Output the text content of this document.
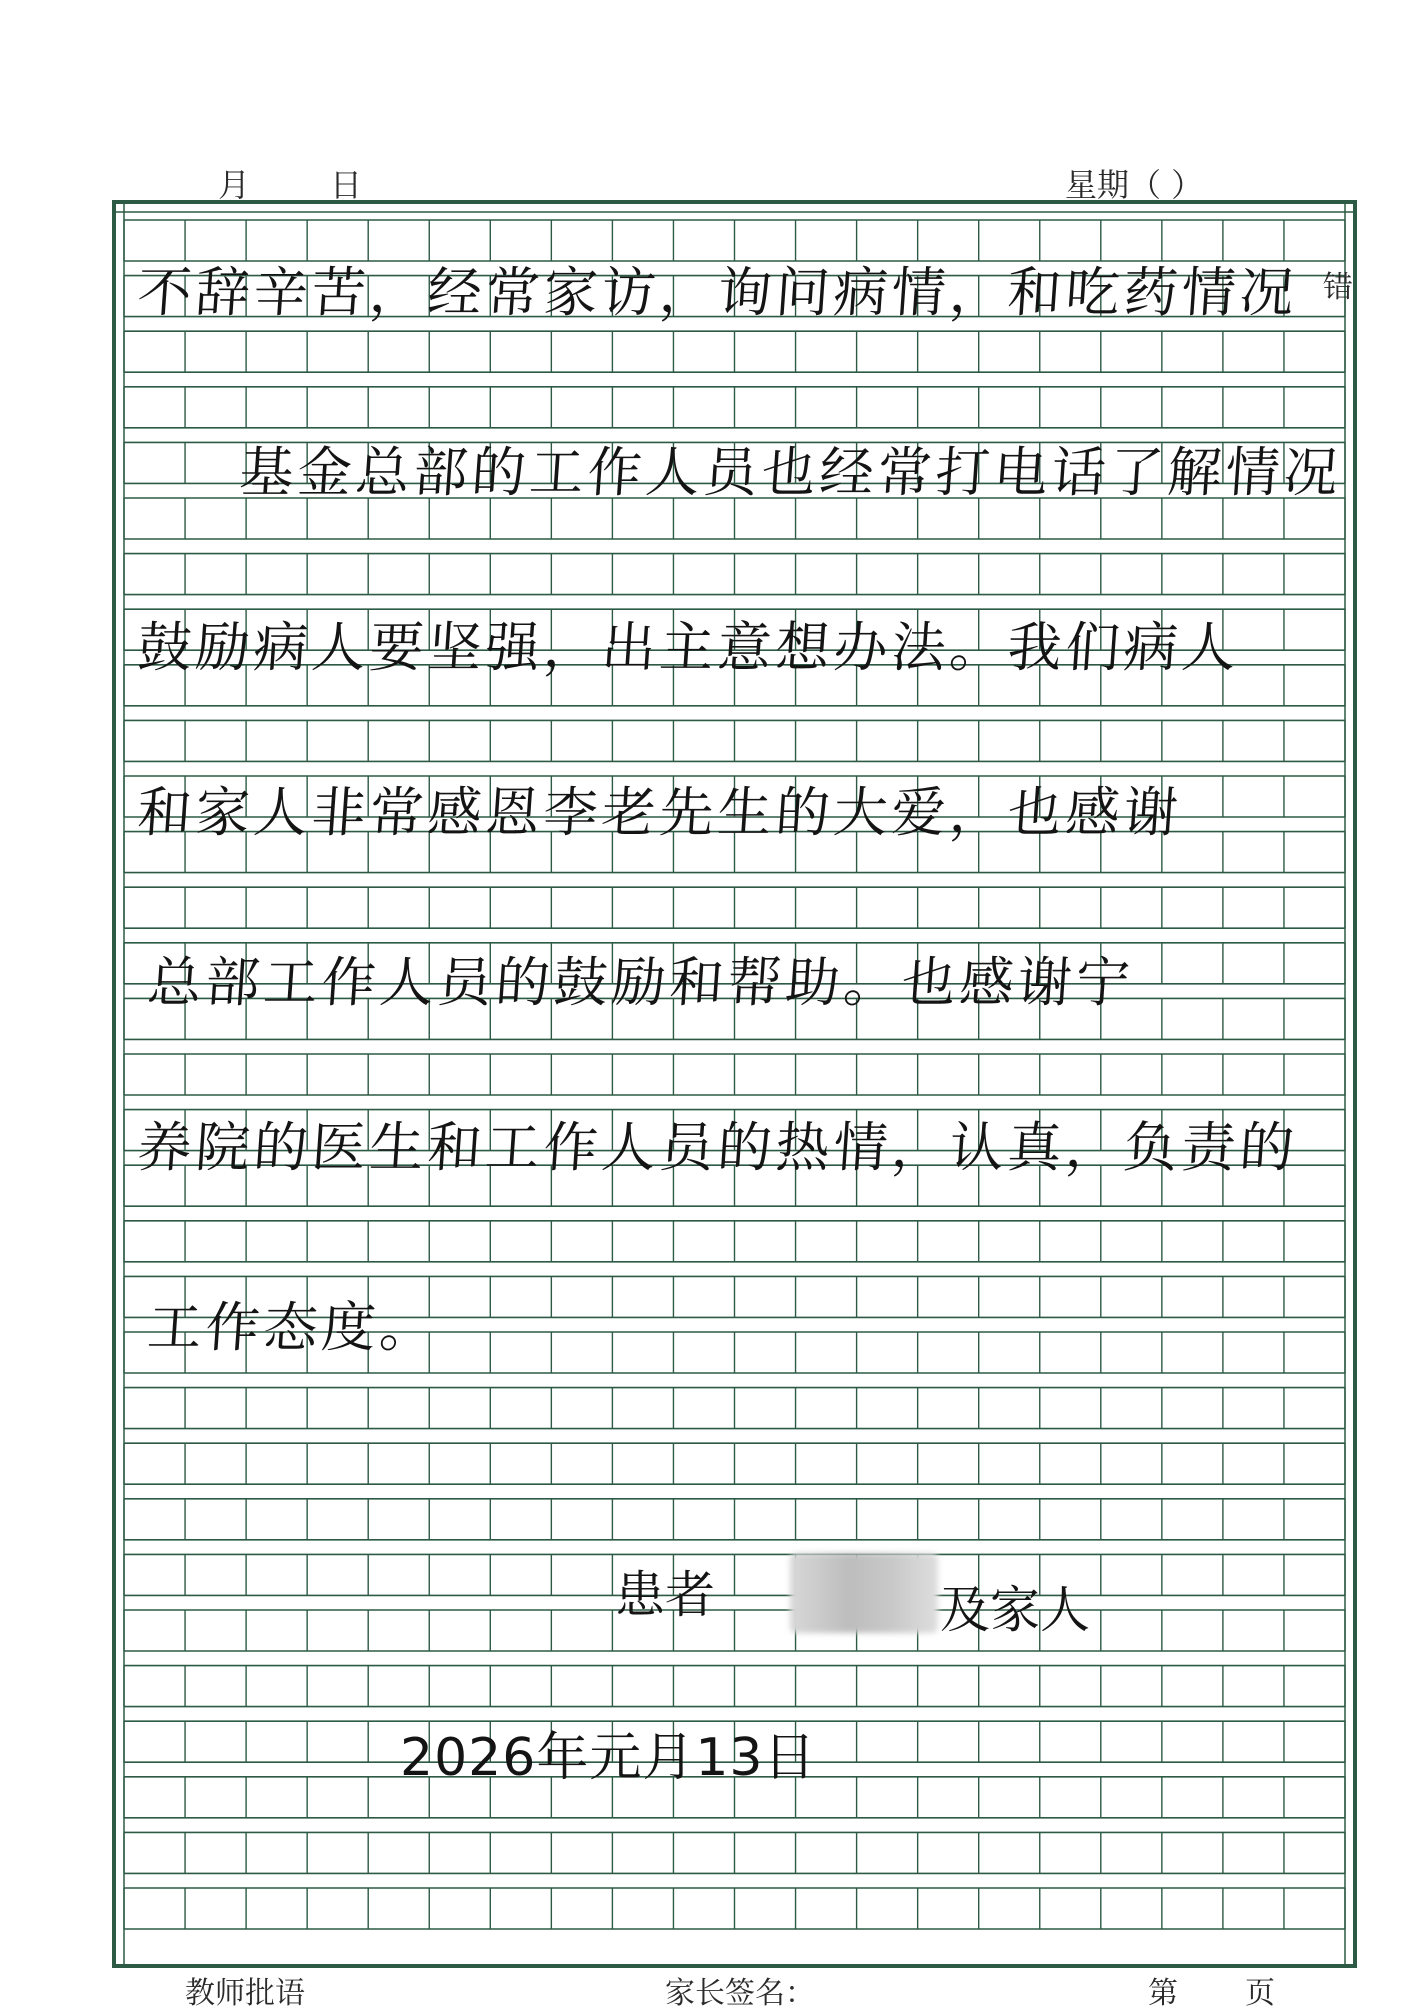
月 日	星期（ ）
错
不辞辛苦，经常家访，询问病情，和吃药情况
基金总部的工作人员也经常打电话了解情况
鼓励病人要坚强，出主意想办法。我们病人
和家人非常感恩李老先生的大爱，也感谢
总部工作人员的鼓励和帮助。也感谢宁
养院的医生和工作人员的热情，认真，负责的
工作态度。
患者	及家人
2026年元月13日
教师批语	家长签名：	第 页
